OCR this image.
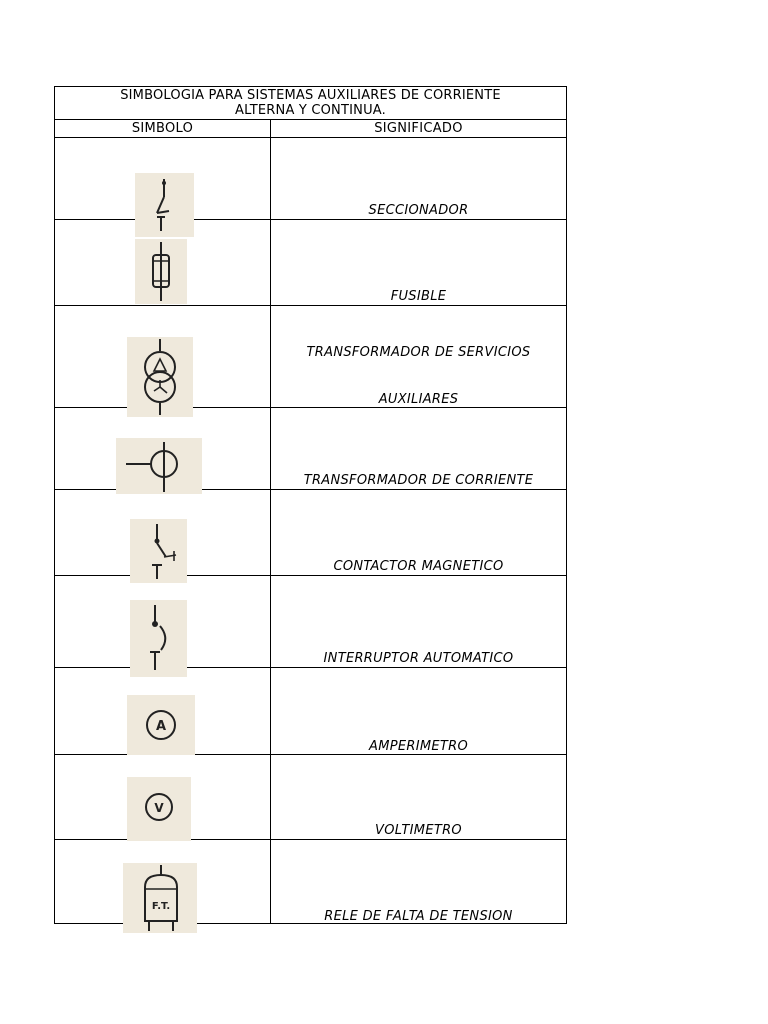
SIMBOLOGIA PARA SISTEMAS AUXILIARES DE CORRIENTE
ALTERNA Y CONTINUA.
SIMBOLO	SIGNIFICADO
SECCIONADOR
FUSIBLE
TRANSFORMADOR DE SERVICIOS
AUXILIARES
TRANSFORMADOR DE CORRIENTE
CONTACTOR MAGNETICO
INTERRUPTOR AUTOMATICO
AMPERIMETRO
VOLTIMETRO
RELE DE FALTA DE TENSION
A
V
F.T.
